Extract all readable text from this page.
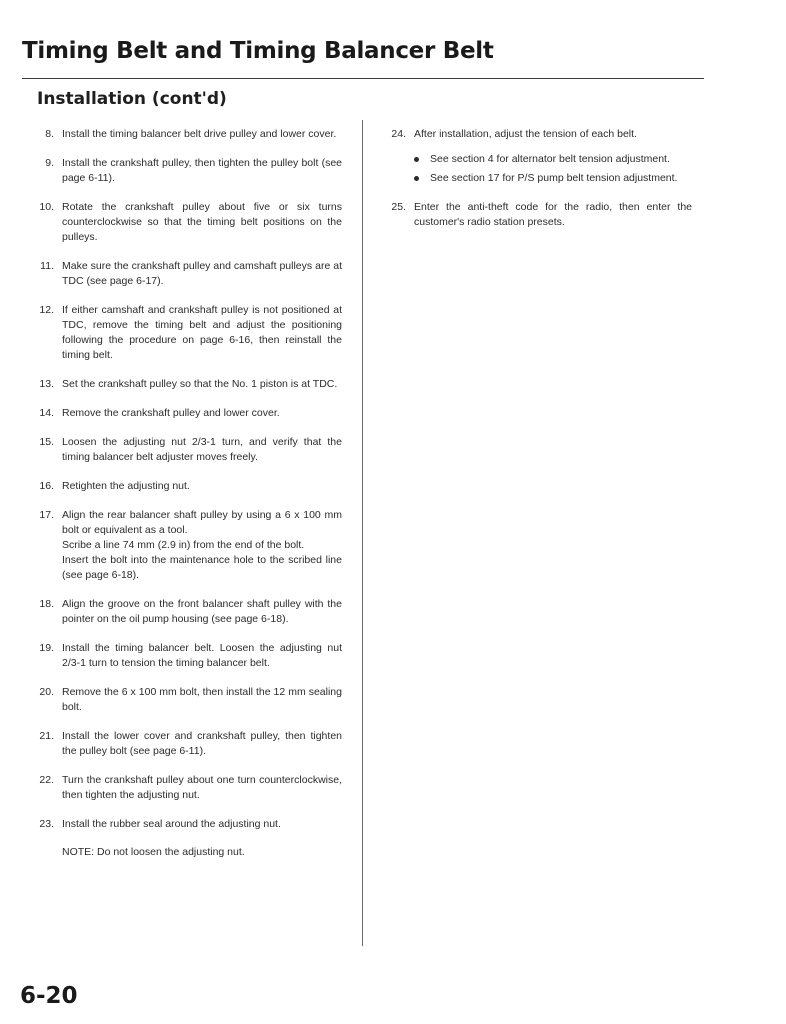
Timing Belt and Timing Balancer Belt
Installation (cont'd)
8. Install the timing balancer belt drive pulley and lower cover.
9. Install the crankshaft pulley, then tighten the pulley bolt (see page 6-11).
10. Rotate the crankshaft pulley about five or six turns counterclockwise so that the timing belt positions on the pulleys.
11. Make sure the crankshaft pulley and camshaft pulleys are at TDC (see page 6-17).
12. If either camshaft and crankshaft pulley is not positioned at TDC, remove the timing belt and adjust the positioning following the procedure on page 6-16, then reinstall the timing belt.
13. Set the crankshaft pulley so that the No. 1 piston is at TDC.
14. Remove the crankshaft pulley and lower cover.
15. Loosen the adjusting nut 2/3-1 turn, and verify that the timing balancer belt adjuster moves freely.
16. Retighten the adjusting nut.
17. Align the rear balancer shaft pulley by using a 6 x 100 mm bolt or equivalent as a tool.
Scribe a line 74 mm (2.9 in) from the end of the bolt.
Insert the bolt into the maintenance hole to the scribed line (see page 6-18).
18. Align the groove on the front balancer shaft pulley with the pointer on the oil pump housing (see page 6-18).
19. Install the timing balancer belt. Loosen the adjusting nut 2/3-1 turn to tension the timing balancer belt.
20. Remove the 6 x 100 mm bolt, then install the 12 mm sealing bolt.
21. Install the lower cover and crankshaft pulley, then tighten the pulley bolt (see page 6-11).
22. Turn the crankshaft pulley about one turn counterclockwise, then tighten the adjusting nut.
23. Install the rubber seal around the adjusting nut.
NOTE: Do not loosen the adjusting nut.
24. After installation, adjust the tension of each belt.
See section 4 for alternator belt tension adjustment.
See section 17 for P/S pump belt tension adjustment.
25. Enter the anti-theft code for the radio, then enter the customer's radio station presets.
6-20
